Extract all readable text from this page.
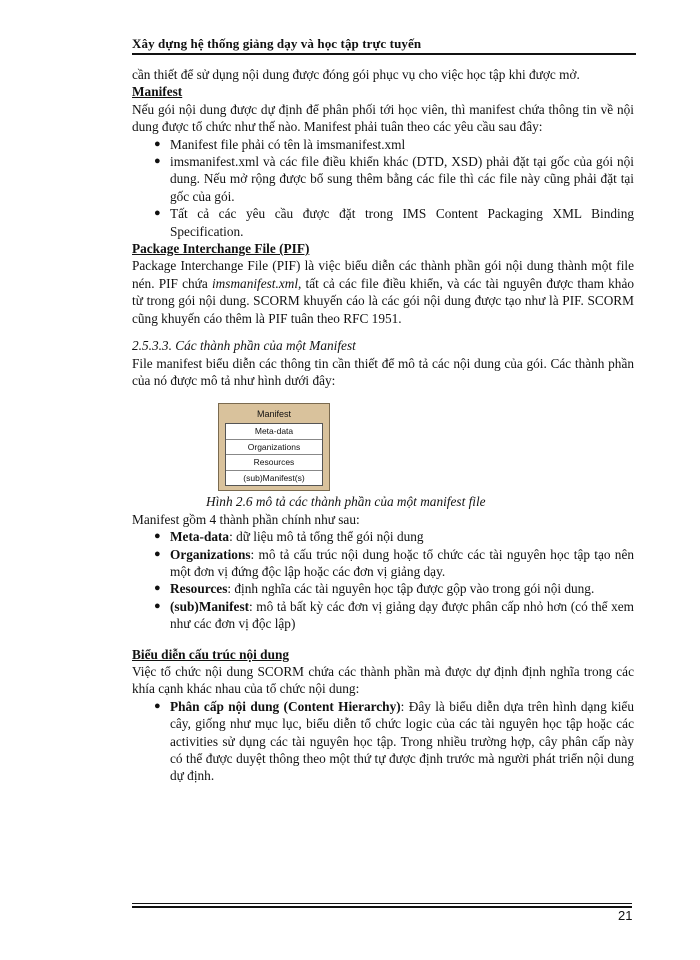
Xây dựng hệ thống giảng dạy và học tập trực tuyến

cần thiết để sử dụng nội dung được đóng gói phục vụ cho việc học tập khi được mở.

Manifest

Nếu gói nội dung được dự định để phân phối tới học viên, thì manifest chứa thông tin về nội dung được tổ chức như thế nào. Manifest phải tuân theo các yêu cầu sau đây:

● Manifest file phải có tên là imsmanifest.xml
● imsmanifest.xml và các file điều khiển khác (DTD, XSD) phải đặt tại gốc của gói nội dung. Nếu mở rộng được bổ sung thêm bằng các file thì các file này cũng phải đặt tại gốc của gói.
● Tất cả các yêu cầu được đặt trong IMS Content Packaging XML Binding Specification.

Package Interchange File (PIF)

Package Interchange File (PIF) là việc biểu diễn các thành phần gói nội dung thành một file nén. PIF chứa imsmanifest.xml, tất cả các file điều khiển, và các tài nguyên được tham khảo từ trong gói nội dung. SCORM khuyến cáo là các gói nội dung được tạo như là PIF. SCORM cũng khuyến cáo thêm là PIF tuân theo RFC 1951.

2.5.3.3. Các thành phần của một Manifest

File manifest biểu diễn các thông tin cần thiết để mô tả các nội dung của gói. Các thành phần của nó được mô tả như hình dưới đây:

Manifest
Meta-data
Organizations
Resources
(sub)Manifest(s)

Hình 2.6 mô tả các thành phần của một manifest file

Manifest gồm 4 thành phần chính như sau:

● Meta-data: dữ liệu mô tả tổng thể gói nội dung
● Organizations: mô tả cấu trúc nội dung hoặc tổ chức các tài nguyên học tập tạo nên một đơn vị đứng độc lập hoặc các đơn vị giảng dạy.
● Resources: định nghĩa các tài nguyên học tập được gộp vào trong gói nội dung.
● (sub)Manifest: mô tả bất kỳ các đơn vị giảng dạy được phân cấp nhỏ hơn (có thể xem như các đơn vị độc lập)

Biểu diễn cấu trúc nội dung

Việc tổ chức nội dung SCORM chứa các thành phần mà được dự định định nghĩa trong các khía cạnh khác nhau của tổ chức nội dung:

● Phân cấp nội dung (Content Hierarchy): Đây là biểu diễn dựa trên hình dạng kiểu cây, giống như mục lục, biểu diễn tổ chức logic của các tài nguyên học tập hoặc các activities sử dụng các tài nguyên học tập. Trong nhiều trường hợp, cây phân cấp này có thể được duyệt thông theo một thứ tự được định trước mà người phát triển nội dung dự định.
21
